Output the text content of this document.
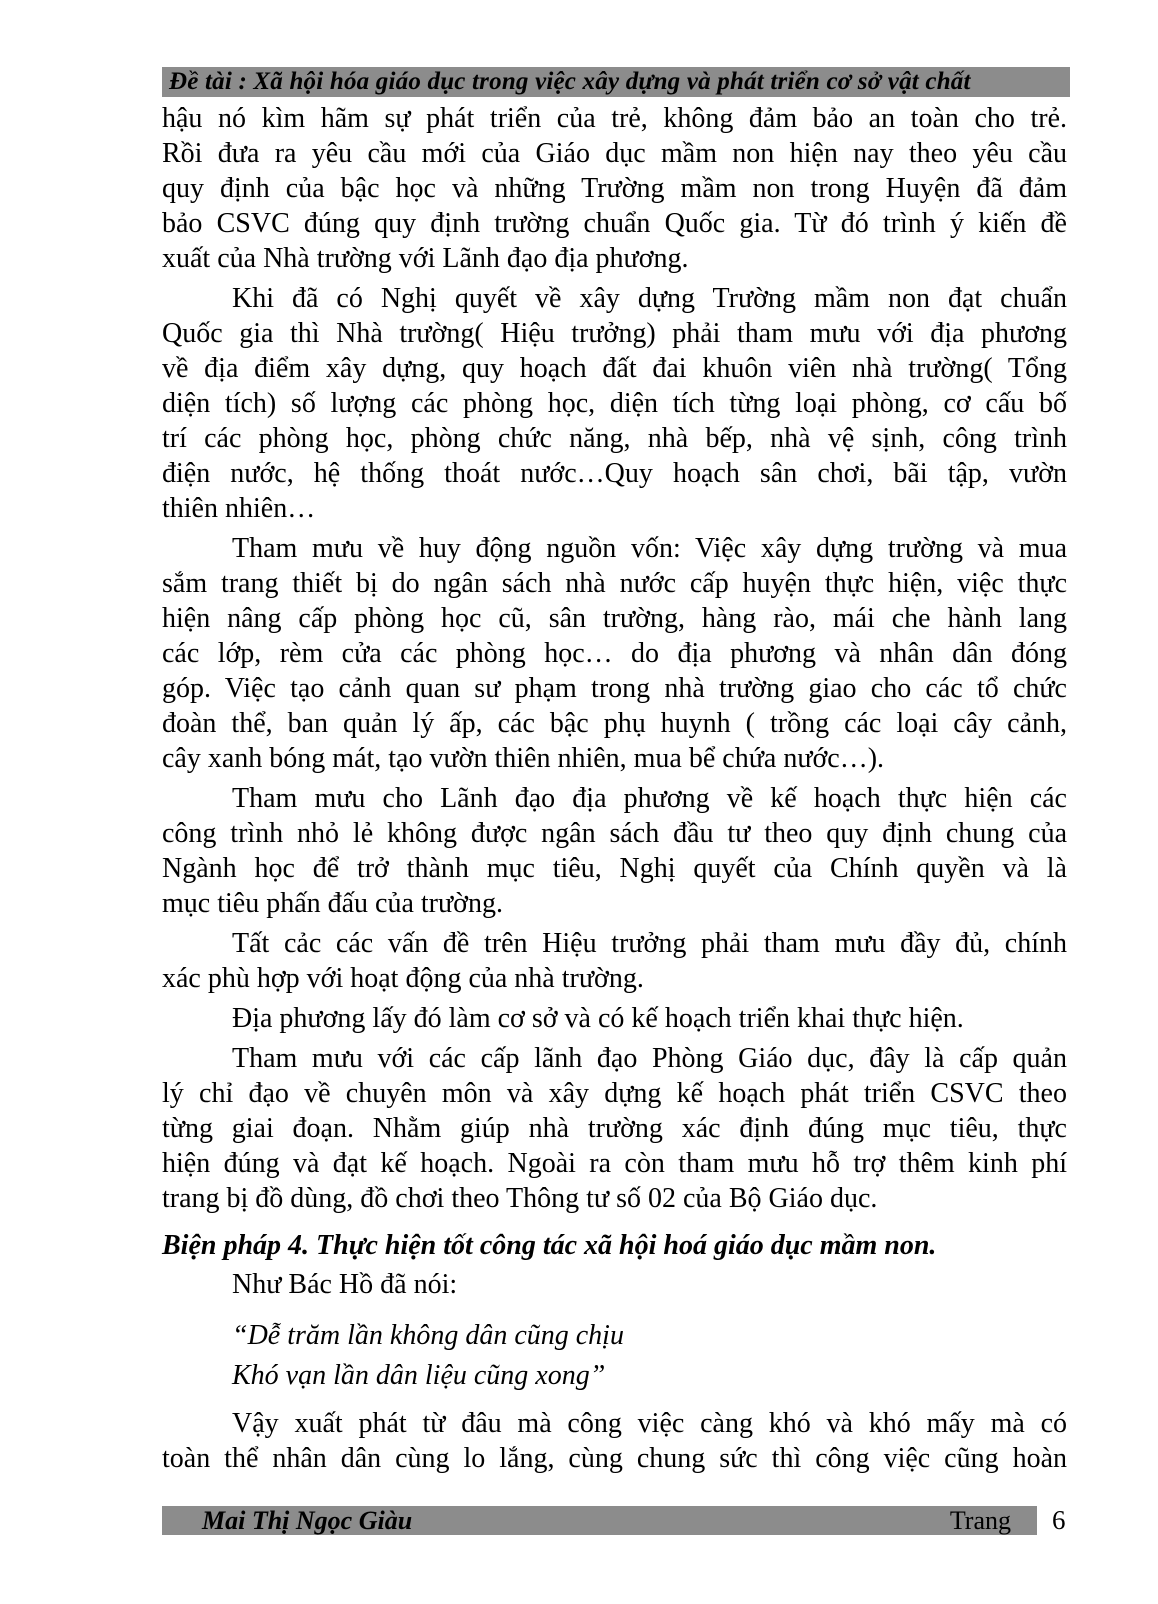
Đề tài : Xã hội hóa giáo dục trong việc xây dựng và phát triển cơ sở vật chất
hậu nó kìm hãm sự phát triển của trẻ, không đảm bảo an toàn cho trẻ.
Rồi đưa ra yêu cầu mới của Giáo dục mầm non hiện nay theo yêu cầu
quy định của bậc học và những Trường mầm non trong Huyện đã đảm
bảo CSVC đúng quy định trường chuẩn Quốc gia. Từ đó trình ý kiến đề
xuất của Nhà trường với Lãnh đạo địa phương.
Khi đã có Nghị quyết về xây dựng Trường mầm non đạt chuẩn
Quốc gia thì Nhà trường( Hiệu trưởng) phải tham mưu với địa phương
về địa điểm xây dựng, quy hoạch đất đai khuôn viên nhà trường( Tổng
diện tích) số lượng các phòng học, diện tích từng loại phòng, cơ cấu bố
trí các phòng học, phòng chức năng, nhà bếp, nhà vệ sịnh, công trình
điện nước, hệ thống thoát nước…Quy hoạch sân chơi, bãi tập, vườn
thiên nhiên…
Tham mưu về huy động nguồn vốn: Việc xây dựng trường và mua
sắm trang thiết bị do ngân sách nhà nước cấp huyện thực hiện, việc thực
hiện nâng cấp phòng học cũ, sân trường, hàng rào, mái che hành lang
các lớp, rèm cửa các phòng học… do địa phương và nhân dân đóng
góp. Việc tạo cảnh quan sư phạm trong nhà trường giao cho các tổ chức
đoàn thể, ban quản lý ấp, các bậc phụ huynh ( trồng các loại cây cảnh,
cây xanh bóng mát, tạo vườn thiên nhiên, mua bể chứa nước…).
Tham mưu cho Lãnh đạo địa phương về kế hoạch thực hiện các
công trình nhỏ lẻ không được ngân sách đầu tư theo quy định chung của
Ngành học để trở thành mục tiêu, Nghị quyết của Chính quyền và là
mục tiêu phấn đấu của trường.
Tất cảc các vấn đề trên Hiệu trưởng phải tham mưu đầy đủ, chính
xác phù hợp với hoạt động của nhà trường.
Địa phương lấy đó làm cơ sở và có kế hoạch triển khai thực hiện.
Tham mưu với các cấp lãnh đạo Phòng Giáo dục, đây là cấp quản
lý chỉ đạo về chuyên môn và xây dựng kế hoạch phát triển CSVC theo
từng giai đoạn. Nhằm giúp nhà trường xác định đúng mục tiêu, thực
hiện đúng và đạt kế hoạch. Ngoài ra còn tham mưu hỗ trợ thêm kinh phí
trang bị đồ dùng, đồ chơi theo Thông tư số 02 của Bộ Giáo dục.
Biện pháp 4. Thực hiện tốt công tác xã hội hoá giáo dục mầm non.
Như Bác Hồ đã nói:
“Dễ trăm lần không dân cũng chịu
Khó vạn lần dân liệu cũng xong”
Vậy xuất phát từ đâu mà công việc càng khó và khó mấy mà có
toàn thể nhân dân cùng lo lắng, cùng chung sức thì công việc cũng hoàn
Mai Thị Ngọc Giàu	Trang 6
